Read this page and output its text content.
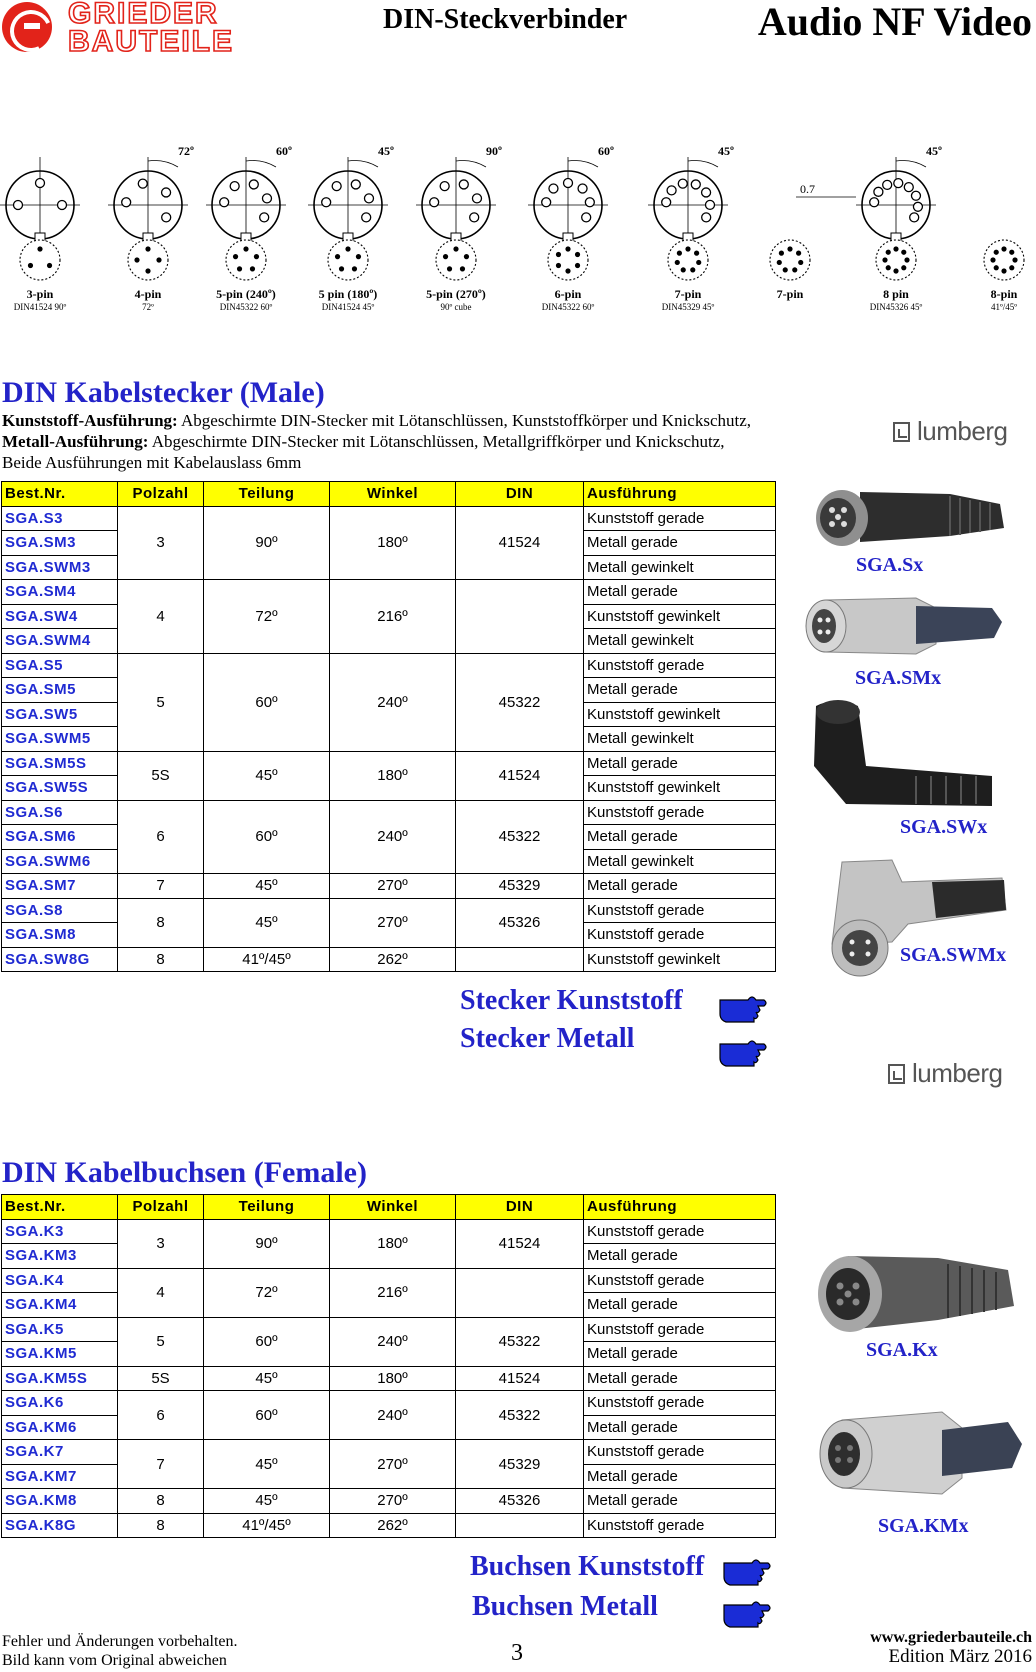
GRIEDER
BAUTEILE
DIN-Steckverbinder	Audio NF Video
3-pin
DIN41524 90º
72º
4-pin
72º
60º
5-pin (240º)
DIN45322 60º
45º
5 pin (180º)
DIN41524 45º
90º
5-pin (270º)
90º cube
60º
6-pin
DIN45322 60º
45º
7-pin
DIN45329 45º
7-pin
45º
0.7
8 pin
DIN45326 45º
8-pin
41º/45º
DIN Kabelstecker (Male)
Kunststoff-Ausführung: Abgeschirmte DIN-Stecker mit Lötanschlüssen, Kunststoffkörper und Knickschutz,
Metall-Ausführung: Abgeschirmte DIN-Stecker mit Lötanschlüssen, Metallgriffkörper und Knickschutz,
Beide Ausführungen mit Kabelauslass 6mm
lumberg
Best.Nr.	Polzahl	Teilung	Winkel	DIN	Ausführung
SGA.S3	3	90º	180º	41524	Kunststoff gerade
SGA.SM3					Metall gerade
SGA.SWM3					Metall gewinkelt
SGA.SM4	4	72º	216º		Metall gerade
SGA.SW4					Kunststoff gewinkelt
SGA.SWM4					Metall gewinkelt
SGA.S5	5	60º	240º	45322	Kunststoff gerade
SGA.SM5					Metall gerade
SGA.SW5					Kunststoff gewinkelt
SGA.SWM5					Metall gewinkelt
SGA.SM5S	5S	45º	180º	41524	Metall gerade
SGA.SW5S					Kunststoff gewinkelt
SGA.S6	6	60º	240º	45322	Kunststoff gerade
SGA.SM6					Metall gerade
SGA.SWM6					Metall gewinkelt
SGA.SM7	7	45º	270º	45329	Metall gerade
SGA.S8	8	45º	270º	45326	Kunststoff gerade
SGA.SM8					Kunststoff gerade
SGA.SW8G	8	41º/45º	262º		Kunststoff gewinkelt
SGA.Sx
SGA.SMx
SGA.SWx
SGA.SWMx
Stecker Kunststoff
Stecker Metall
lumberg
DIN Kabelbuchsen (Female)
Best.Nr.	Polzahl	Teilung	Winkel	DIN	Ausführung
SGA.K3	3	90º	180º	41524	Kunststoff gerade
SGA.KM3					Metall gerade
SGA.K4	4	72º	216º		Kunststoff gerade
SGA.KM4					Metall gerade
SGA.K5	5	60º	240º	45322	Kunststoff gerade
SGA.KM5					Metall gerade
SGA.KM5S	5S	45º	180º	41524	Metall gerade
SGA.K6	6	60º	240º	45322	Kunststoff gerade
SGA.KM6					Metall gerade
SGA.K7	7	45º	270º	45329	Kunststoff gerade
SGA.KM7					Metall gerade
SGA.KM8	8	45º	270º	45326	Metall gerade
SGA.K8G	8	41º/45º	262º		Kunststoff gerade
SGA.Kx
SGA.KMx
Buchsen Kunststoff
Buchsen Metall
Fehler und Änderungen vorbehalten.
Bild kann vom Original abweichen	3
www.griederbauteile.ch
Edition März 2016
